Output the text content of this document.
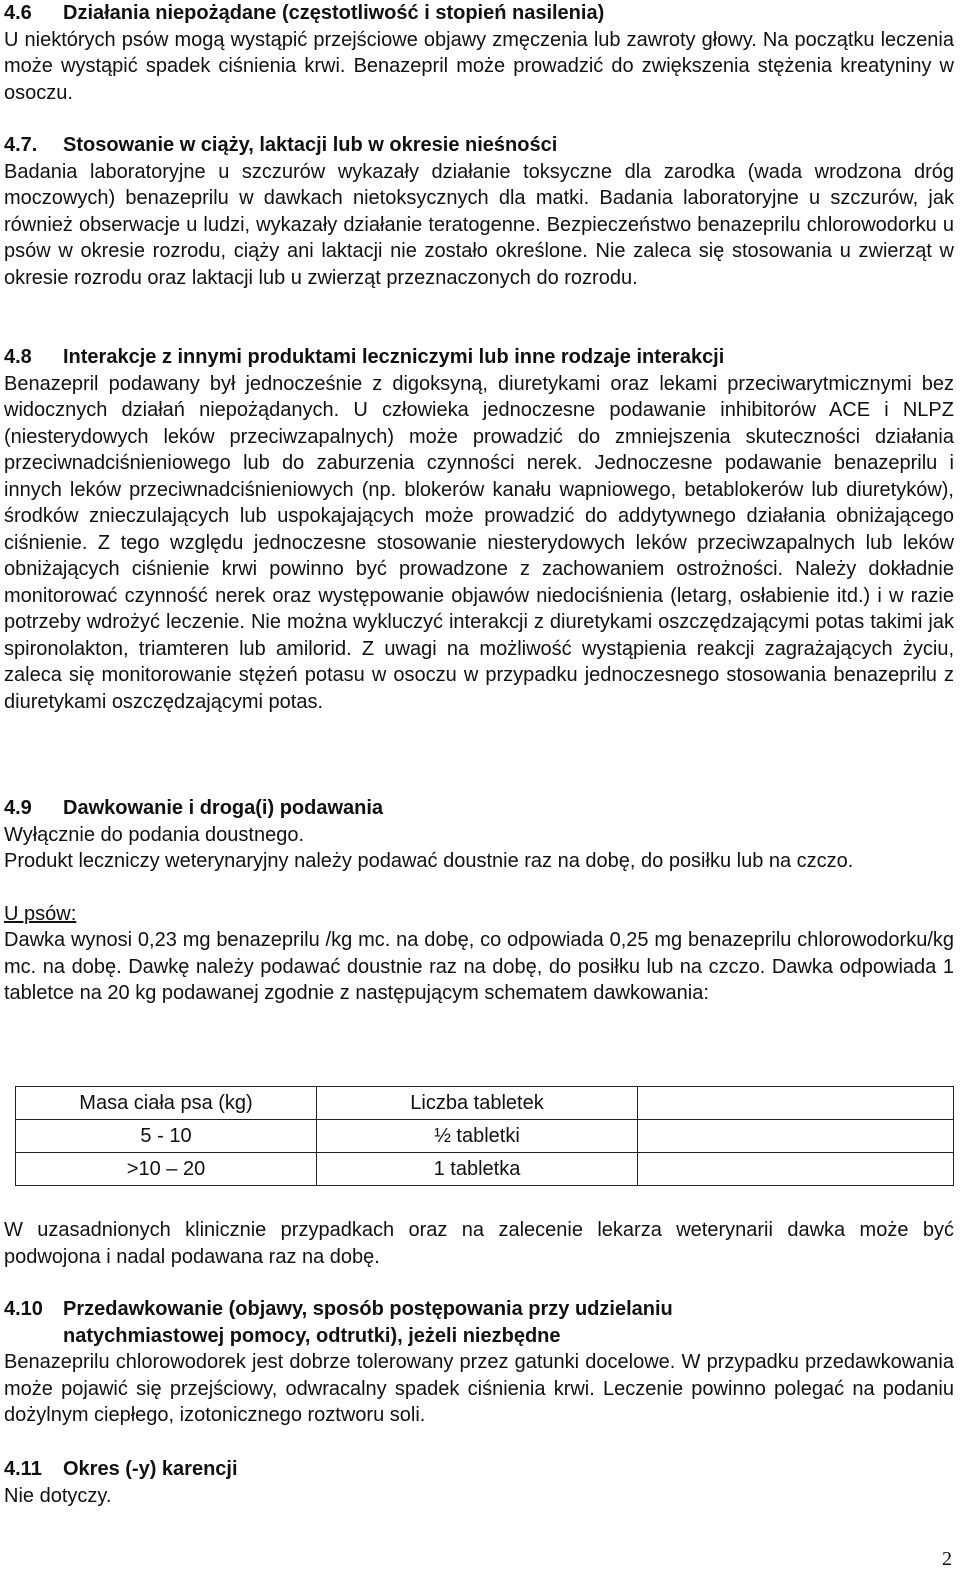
4.6	Działania niepożądane (częstotliwość i stopień nasilenia)

U niektórych psów mogą wystąpić przejściowe objawy zmęczenia lub zawroty głowy. Na początku leczenia może wystąpić spadek ciśnienia krwi. Benazepril może prowadzić do zwiększenia stężenia kreatyniny w osoczu.

4.7.	Stosowanie w ciąży, laktacji lub w okresie nieśności

Badania laboratoryjne u szczurów wykazały działanie toksyczne dla zarodka (wada wrodzona dróg moczowych) benazeprilu w dawkach nietoksycznych dla matki. Badania laboratoryjne u szczurów, jak również obserwacje u ludzi, wykazały działanie teratogenne. Bezpieczeństwo benazeprilu chlorowodorku u psów w okresie rozrodu, ciąży ani laktacji nie zostało określone. Nie zaleca się stosowania u zwierząt w okresie rozrodu oraz laktacji lub u zwierząt przeznaczonych do rozrodu.

4.8	Interakcje z innymi produktami leczniczymi lub inne rodzaje interakcji

Benazepril podawany był jednocześnie z digoksyną, diuretykami oraz lekami przeciwarytmicznymi bez widocznych działań niepożądanych. U człowieka jednoczesne podawanie inhibitorów ACE i NLPZ (niesterydowych leków przeciwzapalnych) może prowadzić do zmniejszenia skuteczności działania przeciwnadciśnieniowego lub do zaburzenia czynności nerek. Jednoczesne podawanie benazeprilu i innych leków przeciwnadciśnieniowych (np. blokerów kanału wapniowego, betablokerów lub diuretyków), środków znieczulających lub uspokajających może prowadzić do addytywnego działania obniżającego ciśnienie. Z tego względu jednoczesne stosowanie niesterydowych leków przeciwzapalnych lub leków obniżających ciśnienie krwi powinno być prowadzone z zachowaniem ostrożności. Należy dokładnie monitorować czynność nerek oraz występowanie objawów niedociśnienia (letarg, osłabienie itd.) i w razie potrzeby wdrożyć leczenie. Nie można wykluczyć interakcji z diuretykami oszczędzającymi potas takimi jak spironolakton, triamteren lub amilorid. Z uwagi na możliwość wystąpienia reakcji zagrażających życiu, zaleca się monitorowanie stężeń potasu w osoczu w przypadku jednoczesnego stosowania benazeprilu z diuretykami oszczędzającymi potas.

4.9	Dawkowanie i droga(i) podawania

Wyłącznie do podania doustnego.

Produkt leczniczy weterynaryjny należy podawać doustnie raz na dobę, do posiłku lub na czczo.

U psów:

Dawka wynosi 0,23 mg benazeprilu /kg mc. na dobę, co odpowiada 0,25 mg benazeprilu chlorowodorku/kg mc. na dobę. Dawkę należy podawać doustnie raz na dobę, do posiłku lub na czczo. Dawka odpowiada 1 tabletce na 20 kg podawanej zgodnie z następującym schematem dawkowania:

W uzasadnionych klinicznie przypadkach oraz na zalecenie lekarza weterynarii dawka może być podwojona i nadal podawana raz na dobę.

4.10	Przedawkowanie (objawy, sposób postępowania przy udzielaniu
natychmiastowej pomocy, odtrutki), jeżeli niezbędne

Benazeprilu chlorowodorek jest dobrze tolerowany przez gatunki docelowe. W przypadku przedawkowania może pojawić się przejściowy, odwracalny spadek ciśnienia krwi. Leczenie powinno polegać na podaniu dożylnym ciepłego, izotonicznego roztworu soli.

4.11	Okres (-y) karencji

Nie dotyczy.

Masa ciała psa (kg)	Liczba tabletek	
5 - 10	½ tabletki	
>10 – 20	1 tabletka	
2
